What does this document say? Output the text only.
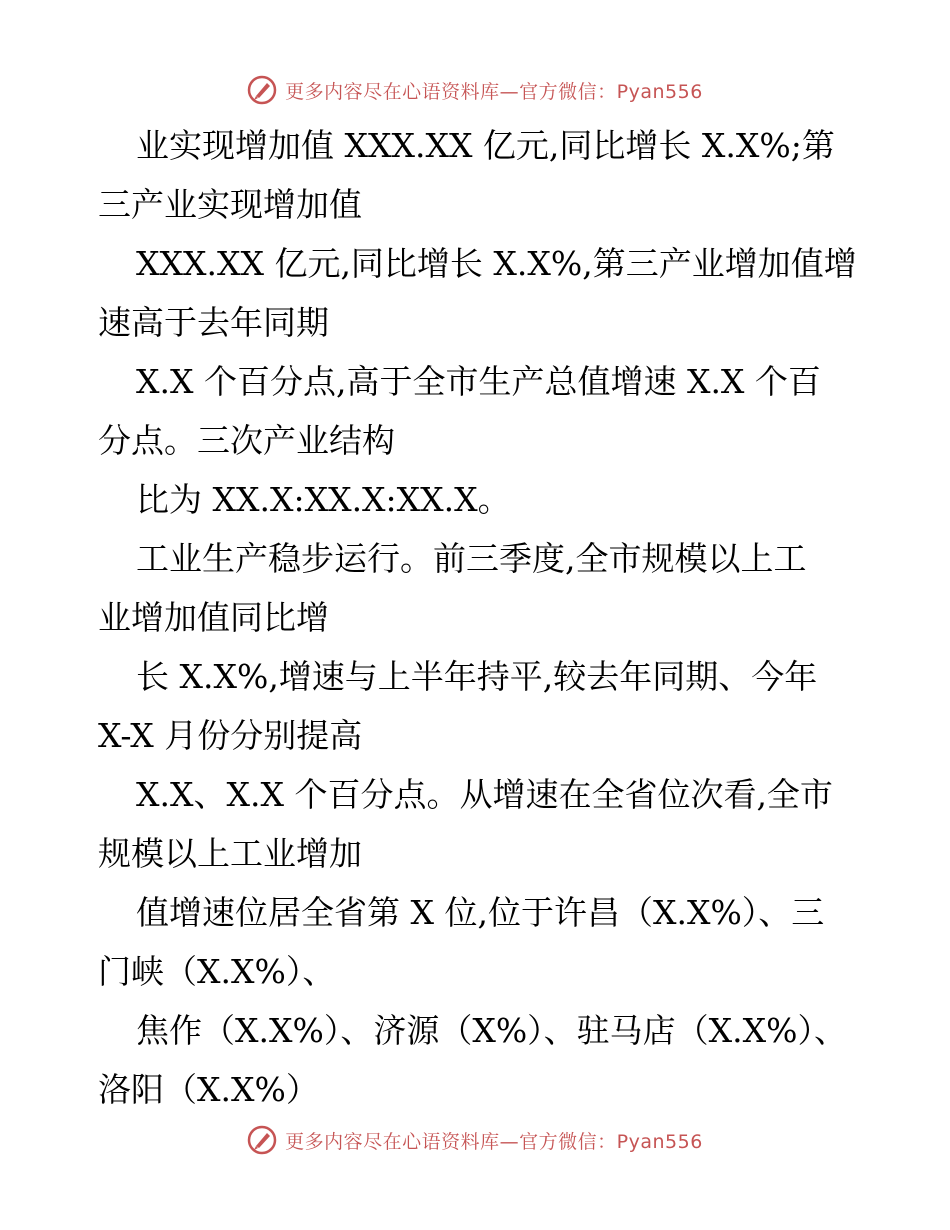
更多内容尽在心语资料库—官方微信：Pyan556
业实现增加值 XXX.XX 亿元,同比增长 X.X%;第
三产业实现增加值
XXX.XX 亿元,同比增长 X.X%,第三产业增加值增
速高于去年同期
X.X 个百分点,高于全市生产总值增速 X.X 个百
分点。三次产业结构
比为 XX.X:XX.X:XX.X。
工业生产稳步运行。前三季度,全市规模以上工
业增加值同比增
长 X.X%,增速与上半年持平,较去年同期、今年
X-X 月份分别提高
X.X、X.X 个百分点。从增速在全省位次看,全市
规模以上工业增加
值增速位居全省第 X 位,位于许昌（X.X%）、三
门峡（X.X%）、
焦作（X.X%）、济源（X%）、驻马店（X.X%）、
洛阳（X.X%）
更多内容尽在心语资料库—官方微信：Pyan556
